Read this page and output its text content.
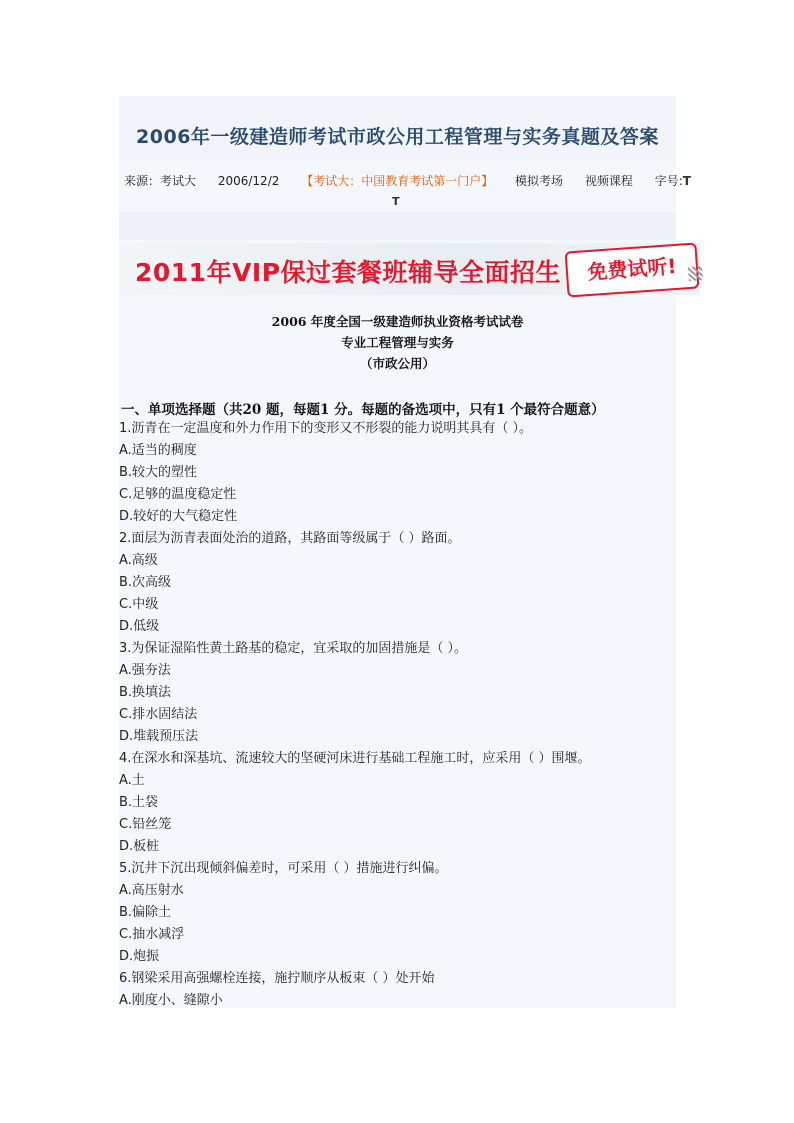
2006年一级建造师考试市政公用工程管理与实务真题及答案
来源：考试大 2006/12/2 【考试大：中国教育考试第一门户】 模拟考场 视频课程 字号:T
T
2011年VIP保过套餐班辅导全面招生	免费试听!
2006 年度全国一级建造师执业资格考试试卷
专业工程管理与实务
（市政公用）
一、单项选择题（共20 题，每题1 分。每题的备选项中，只有1 个最符合题意）
1.沥青在一定温度和外力作用下的变形又不形裂的能力说明其具有（ ）。
A.适当的稠度
B.较大的塑性
C.足够的温度稳定性
D.较好的大气稳定性
2.面层为沥青表面处治的道路，其路面等级属于（ ）路面。
A.高级
B.次高级
C.中级
D.低级
3.为保证湿陷性黄土路基的稳定，宜采取的加固措施是（ ）。
A.强夯法
B.换填法
C.排水固结法
D.堆载预压法
4.在深水和深基坑、流速较大的坚硬河床进行基础工程施工时，应采用（ ）围堰。
A.土
B.土袋
C.铅丝笼
D.板桩
5.沉井下沉出现倾斜偏差时，可采用（ ）措施进行纠偏。
A.高压射水
B.偏除土
C.抽水减浮
D.炮振
6.钢梁采用高强螺栓连接，施拧顺序从板束（ ）处开始
A.刚度小、缝隙小
